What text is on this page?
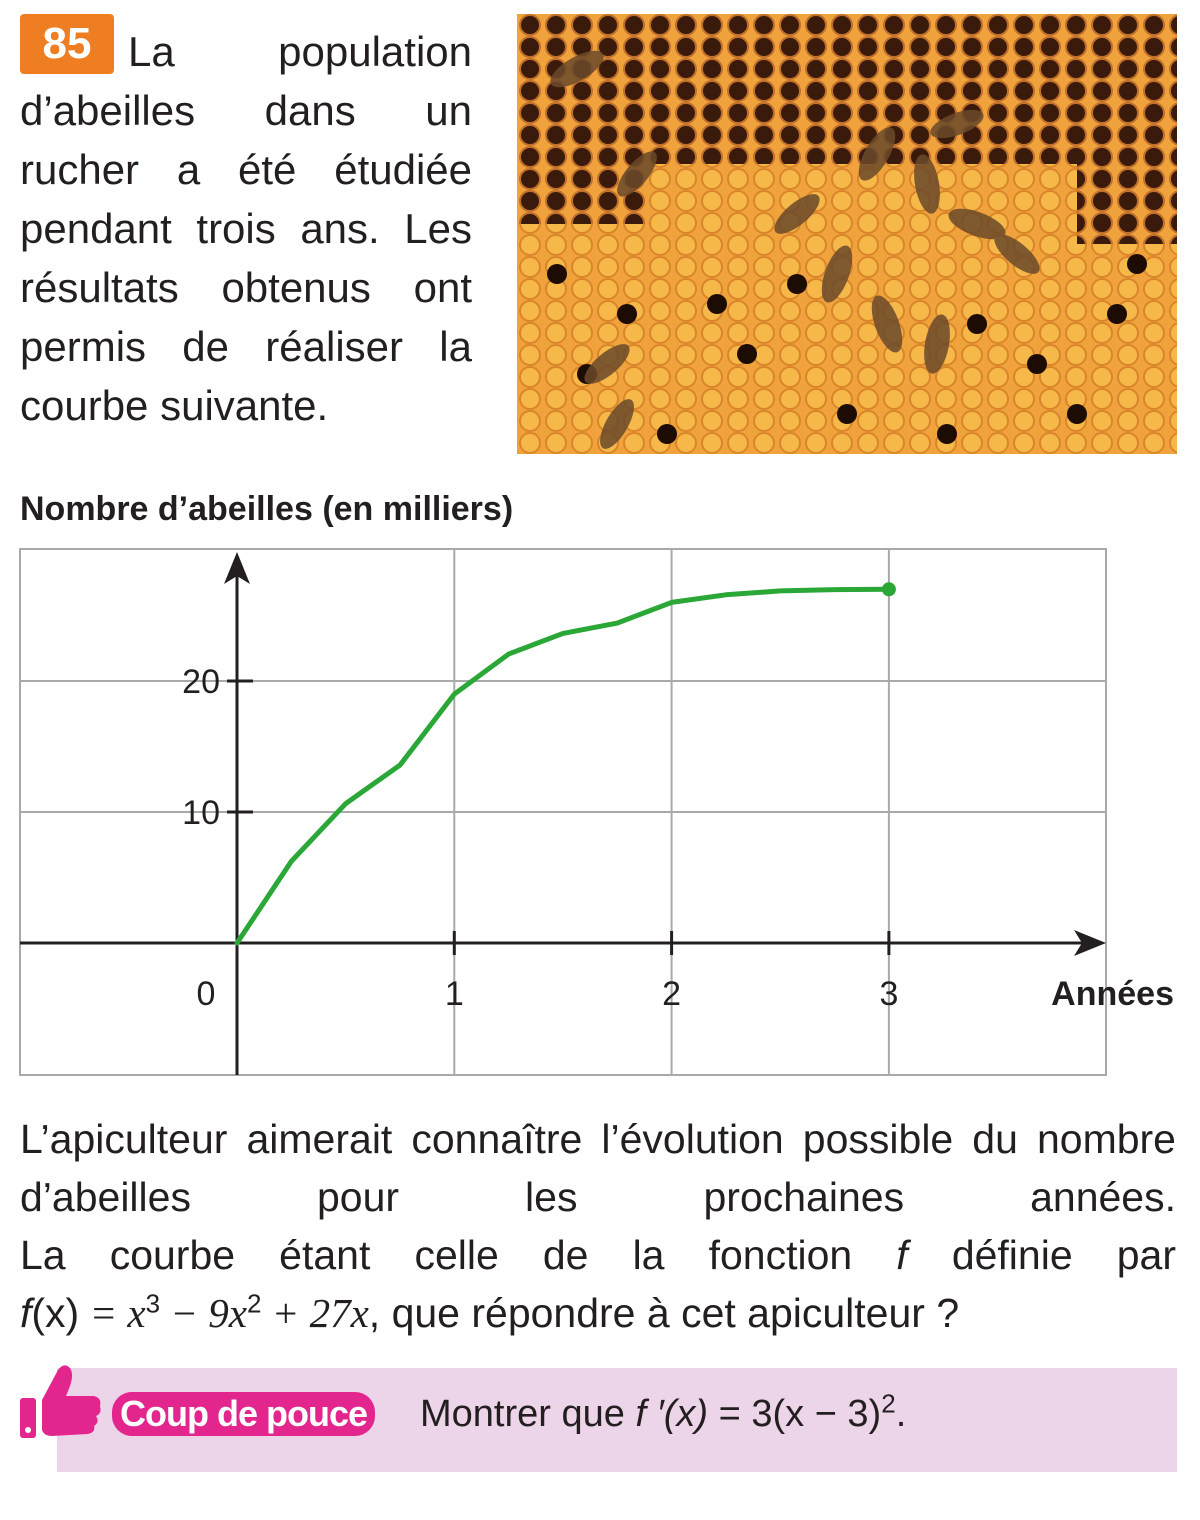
85 La population d’abeilles dans un rucher a été étudiée pendant trois ans. Les résultats obtenus ont permis de réaliser la courbe suivante.

Nombre d’abeilles (en milliers)
0	1	2	3
10
20
Années

L’apiculteur aimerait connaître l’évolution possible du nombre d’abeilles pour les prochaines années.

La courbe étant celle de la fonction f définie par

$f(x) = x^3 - 9x^2 + 27x$, que répondre à cet apiculteur ?

Coup de pouce Montrer que f $'(x) = 3(x - 3)^2$.
